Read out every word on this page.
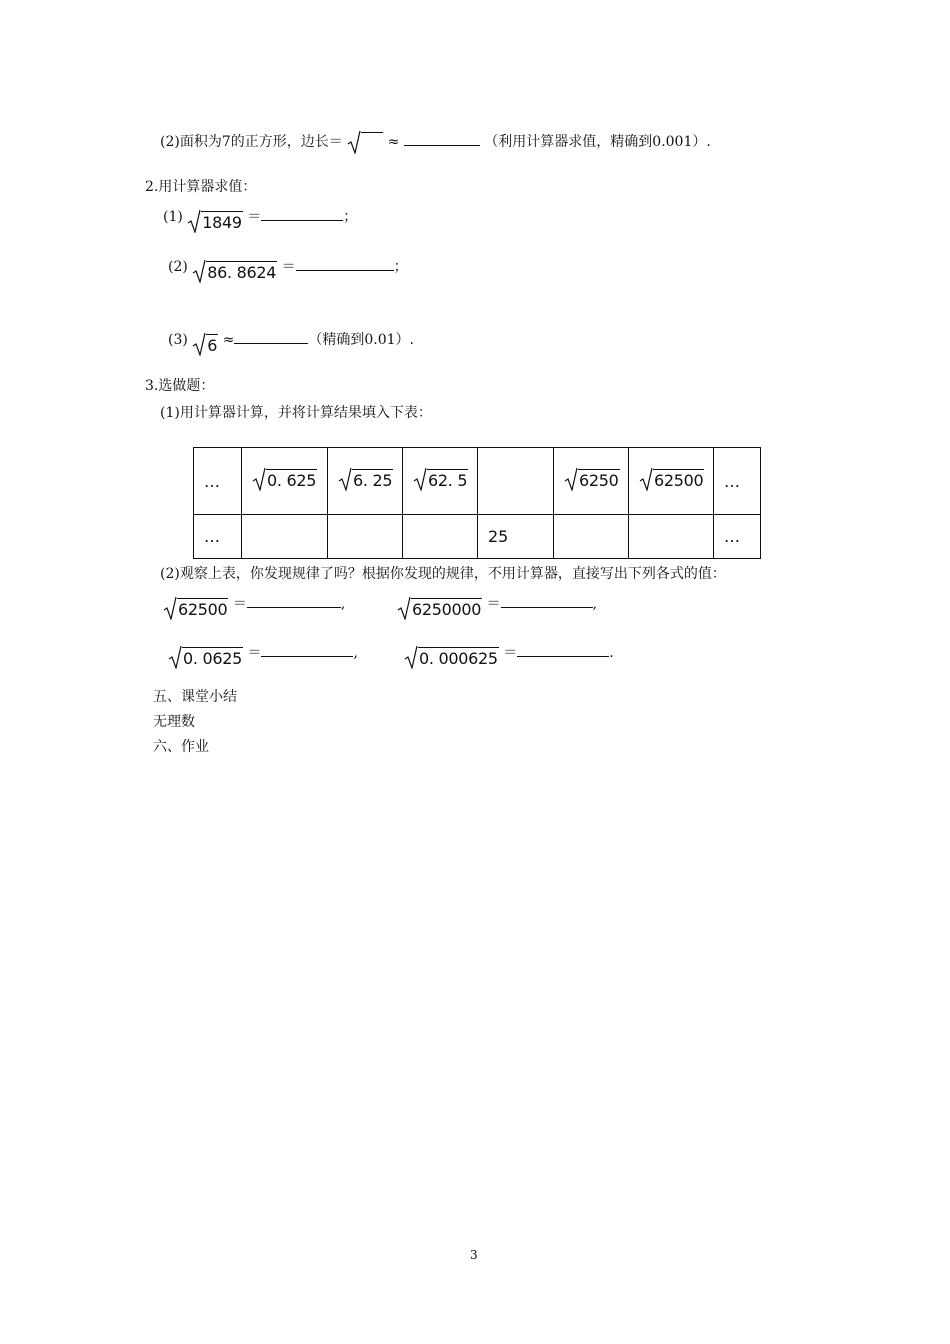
(2)面积为7的正方形，边长＝	≈	（利用计算器求值，精确到0.001）.
2.用计算器求值：
(1) 1849 ＝	；
(2) 86. 8624 ＝	；
(3) 6 ≈	（精确到0.01）.
3.选做题：
(1)用计算器计算，并将计算结果填入下表：
…	0. 625	6. 25	62. 5		6250	62500	…
…				25			…
(2)观察上表，你发现规律了吗？根据你发现的规律，不用计算器，直接写出下列各式的值：
62500 ＝	,	6250000 ＝	,
0. 0625 ＝	,	0. 000625 ＝	.
五、课堂小结
无理数
六、作业
3
